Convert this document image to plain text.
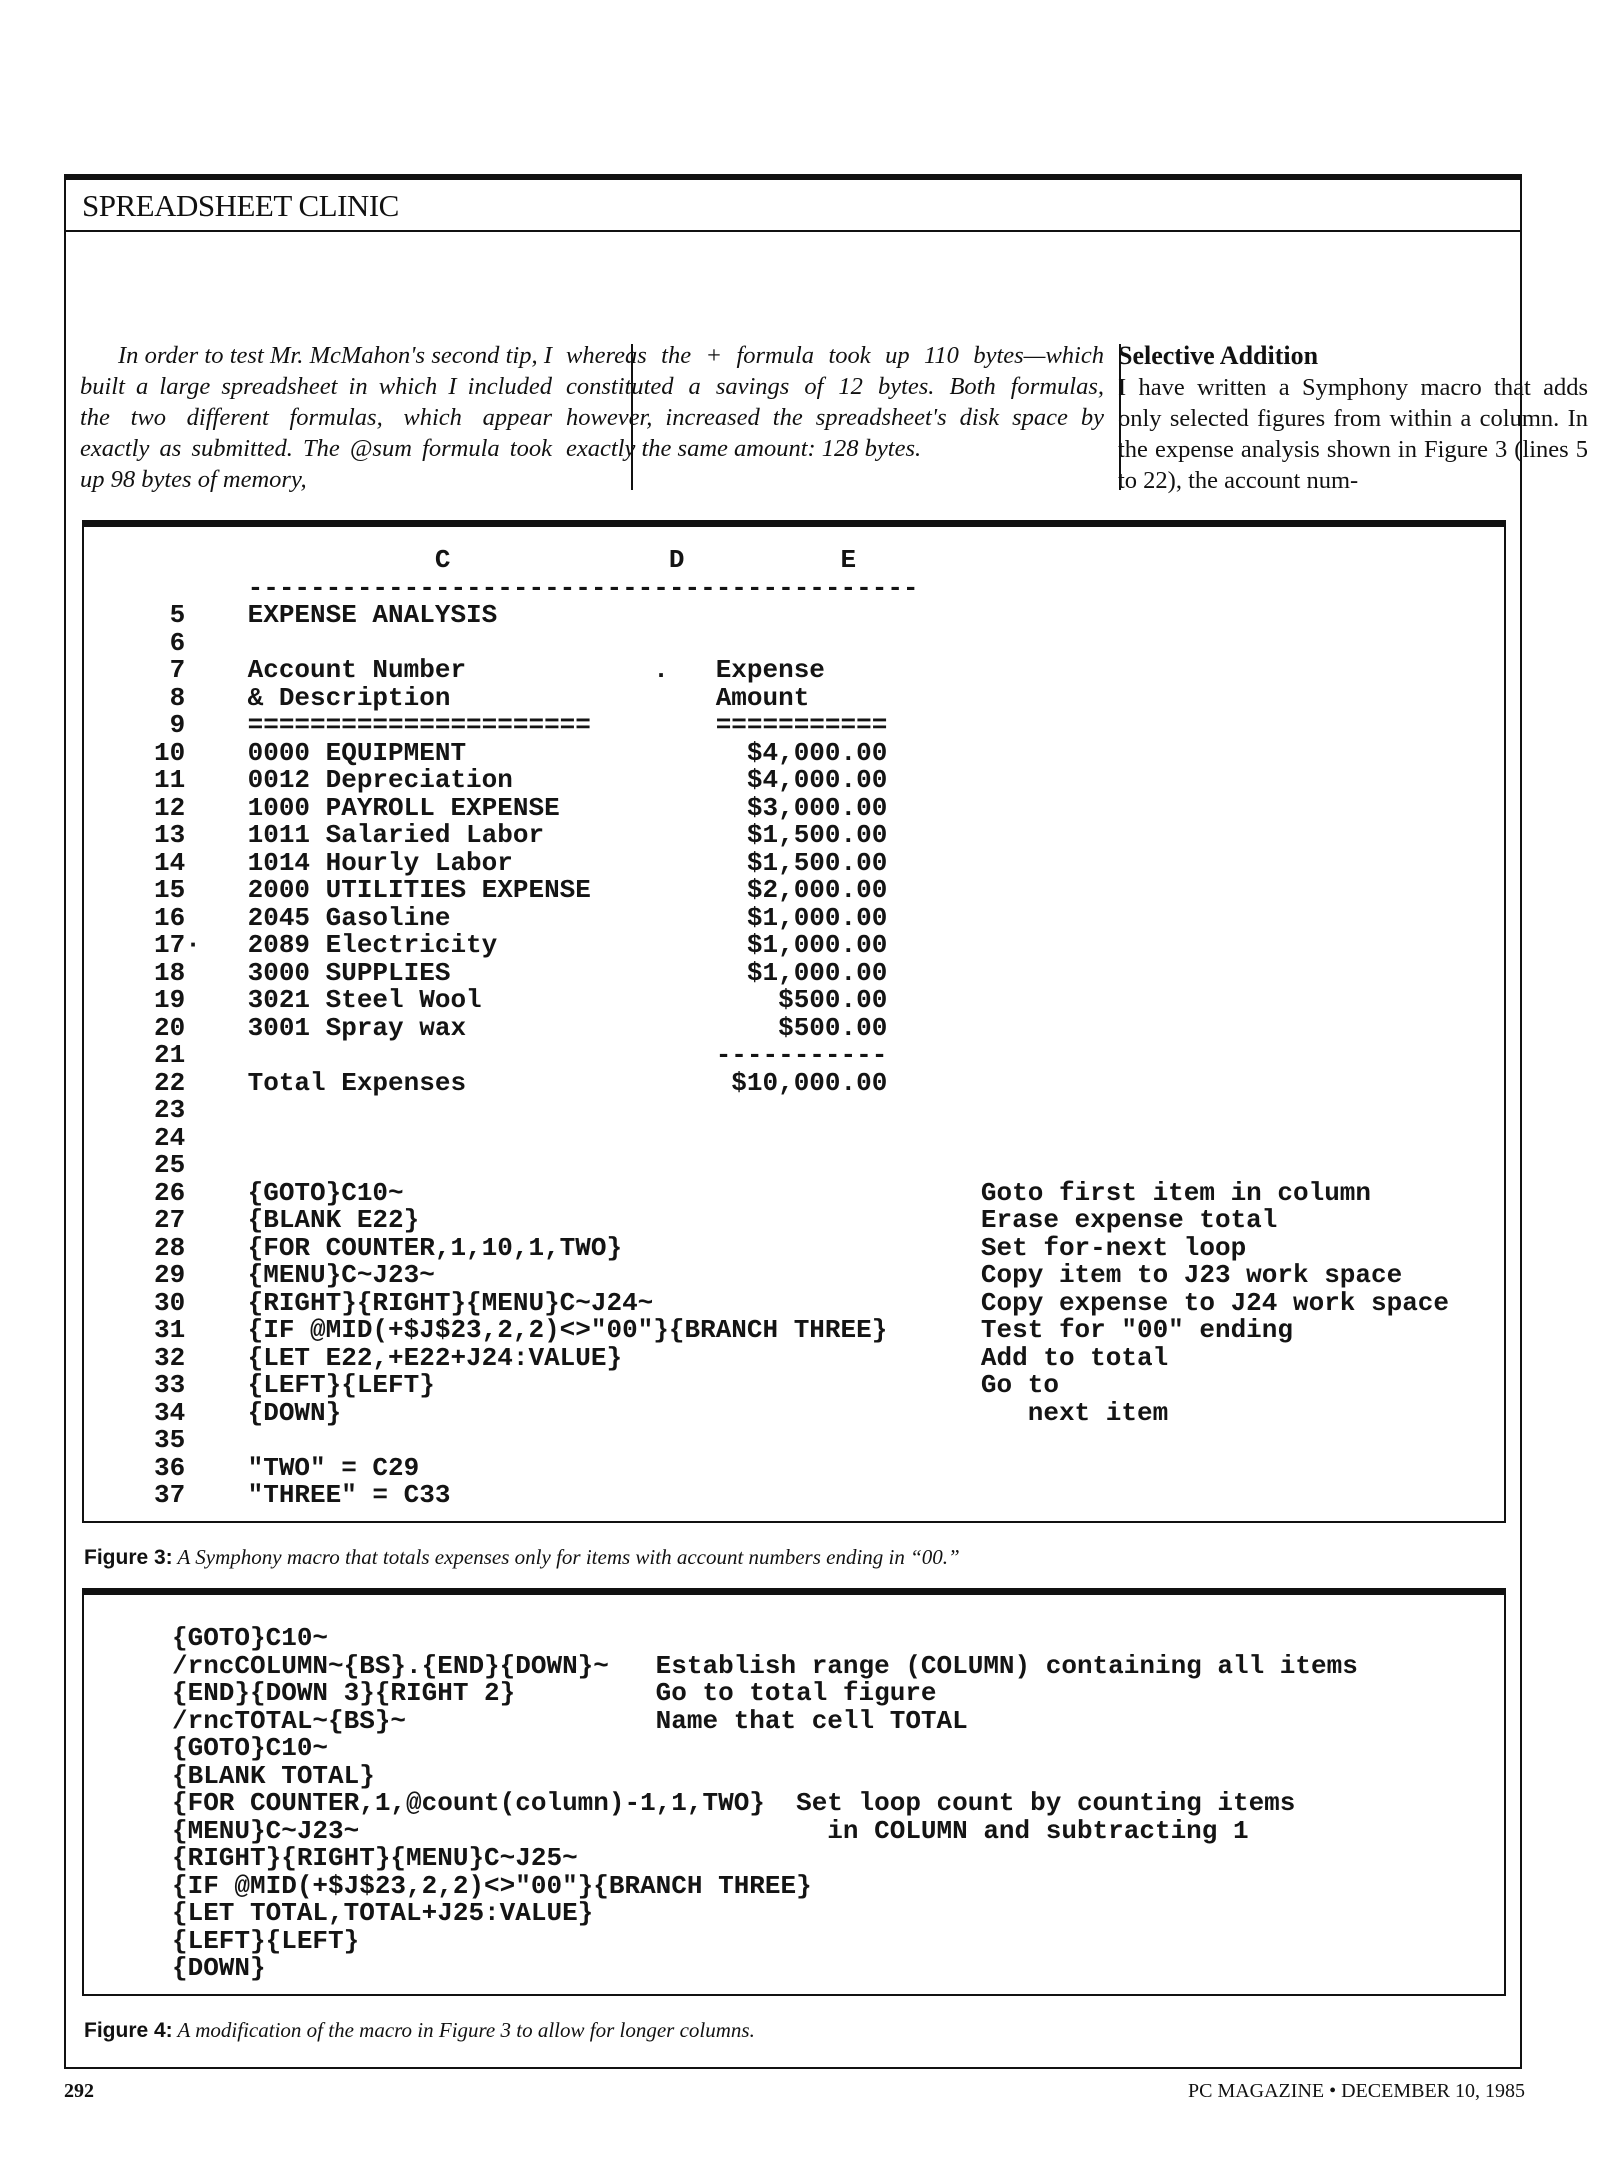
SPREADSHEET CLINIC

In order to test Mr. McMahon's second tip, I built a large spreadsheet in which I included the two different formulas, which appear exactly as submitted. The @sum formula took up 98 bytes of memory,

whereas the + formula took up 110 bytes—which constituted a savings of 12 bytes. Both formulas, however, increased the spreadsheet's disk space by exactly the same amount: 128 bytes.

Selective Addition

I have written a Symphony macro that adds only selected figures from within a column. In the expense analysis shown in Figure 3 (lines 5 to 22), the account num-

C              D          E
-------------------------------------------
5    EXPENSE ANALYSIS
6
7    Account Number            .   Expense
8    & Description                 Amount
9    ======================        ===========
10    0000 EQUIPMENT                  $4,000.00
11    0012 Depreciation               $4,000.00
12    1000 PAYROLL EXPENSE            $3,000.00
13    1011 Salaried Labor             $1,500.00
14    1014 Hourly Labor               $1,500.00
15    2000 UTILITIES EXPENSE          $2,000.00
16    2045 Gasoline                   $1,000.00
17·   2089 Electricity                $1,000.00
18    3000 SUPPLIES                   $1,000.00
19    3021 Steel Wool                   $500.00
20    3001 Spray wax                    $500.00
21                                  -----------
22    Total Expenses                 $10,000.00
23
24
25
26    {GOTO}C10~                                     Goto first item in column
27    {BLANK E22}                                    Erase expense total
28    {FOR COUNTER,1,10,1,TWO}                       Set for-next loop
29    {MENU}C~J23~                                   Copy item to J23 work space
30    {RIGHT}{RIGHT}{MENU}C~J24~                     Copy expense to J24 work space
31    {IF @MID(+$J$23,2,2)<>"00"}{BRANCH THREE}      Test for "00" ending
32    {LET E22,+E22+J24:VALUE}                       Add to total
33    {LEFT}{LEFT}                                   Go to
34    {DOWN}                                            next item
35
36    "TWO" = C29
37    "THREE" = C33
Figure 3: A Symphony macro that totals expenses only for items with account numbers ending in “00.”
{GOTO}C10~
/rncCOLUMN~{BS}.{END}{DOWN}~   Establish range (COLUMN) containing all items
{END}{DOWN 3}{RIGHT 2}         Go to total figure
/rncTOTAL~{BS}~                Name that cell TOTAL
{GOTO}C10~
{BLANK TOTAL}
{FOR COUNTER,1,@count(column)-1,1,TWO}  Set loop count by counting items
{MENU}C~J23~                              in COLUMN and subtracting 1
{RIGHT}{RIGHT}{MENU}C~J25~
{IF @MID(+$J$23,2,2)<>"00"}{BRANCH THREE}
{LET TOTAL,TOTAL+J25:VALUE}
{LEFT}{LEFT}
{DOWN}
Figure 4: A modification of the macro in Figure 3 to allow for longer columns.
292	PC MAGAZINE • DECEMBER 10, 1985
